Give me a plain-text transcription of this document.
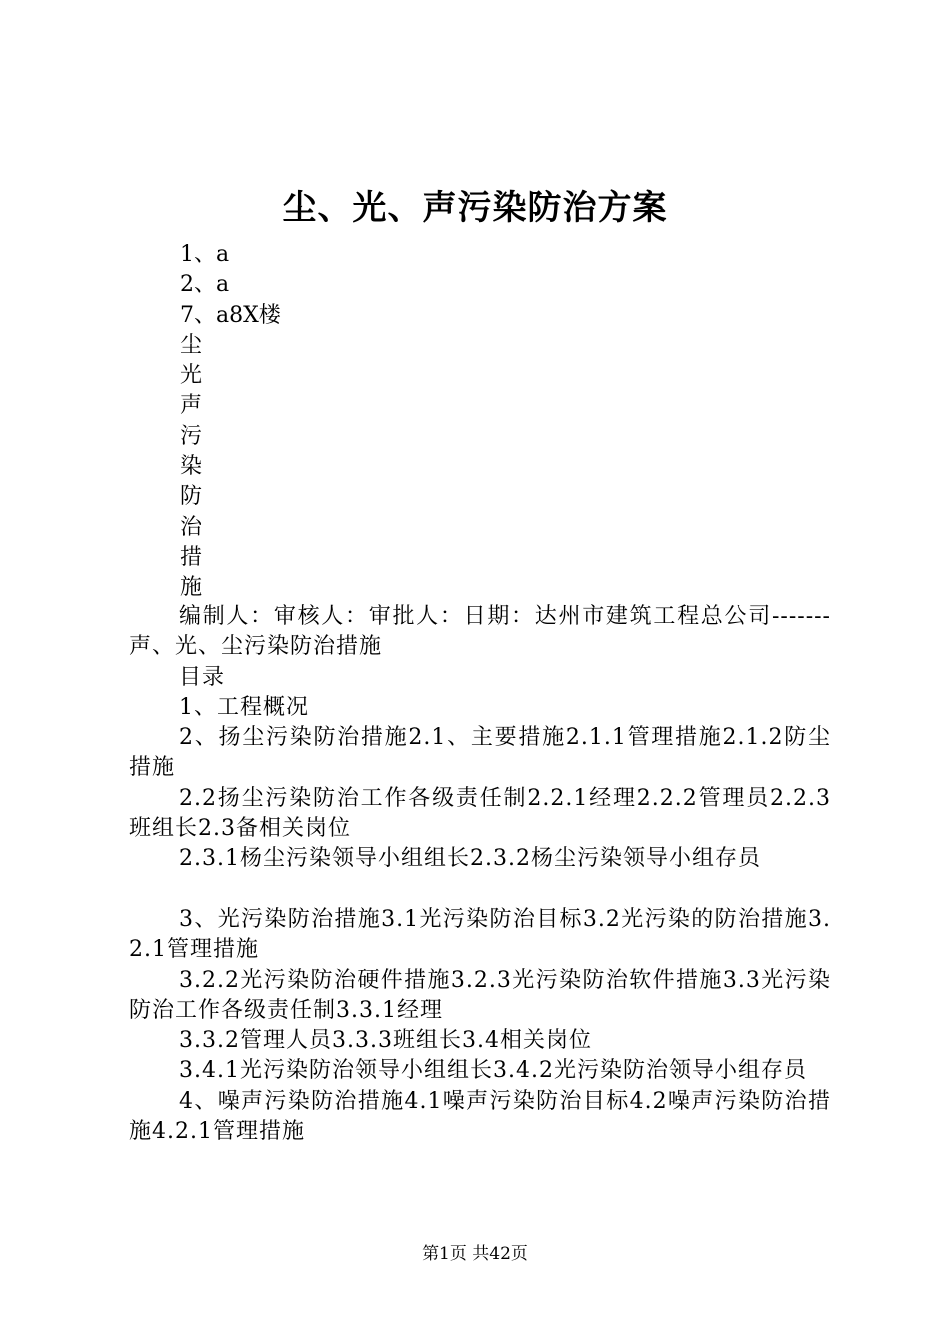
尘、光、声污染防治方案
1、a
2、a
7、a8X楼
尘
光
声
污
染
防
治
措
施

编制人：审核人：审批人：日期：达州市建筑工程总公司-------声、光、尘污染防治措施

目录

1、工程概况

2、扬尘污染防治措施2.1、主要措施2.1.1管理措施2.1.2防尘措施

2.2扬尘污染防治工作各级责任制2.2.1经理2.2.2管理员2.2.3班组长2.3备相关岗位

2.3.1杨尘污染领导小组组长2.3.2杨尘污染领导小组存员

3、光污染防治措施3.1光污染防治目标3.2光污染的防治措施3.2.1管理措施

3.2.2光污染防治硬件措施3.2.3光污染防治软件措施3.3光污染防治工作各级责任制3.3.1经理

3.3.2管理人员3.3.3班组长3.4相关岗位

3.4.1光污染防治领导小组组长3.4.2光污染防治领导小组存员

4、噪声污染防治措施4.1噪声污染防治目标4.2噪声污染防治措施4.2.1管理措施

第1页 共42页
